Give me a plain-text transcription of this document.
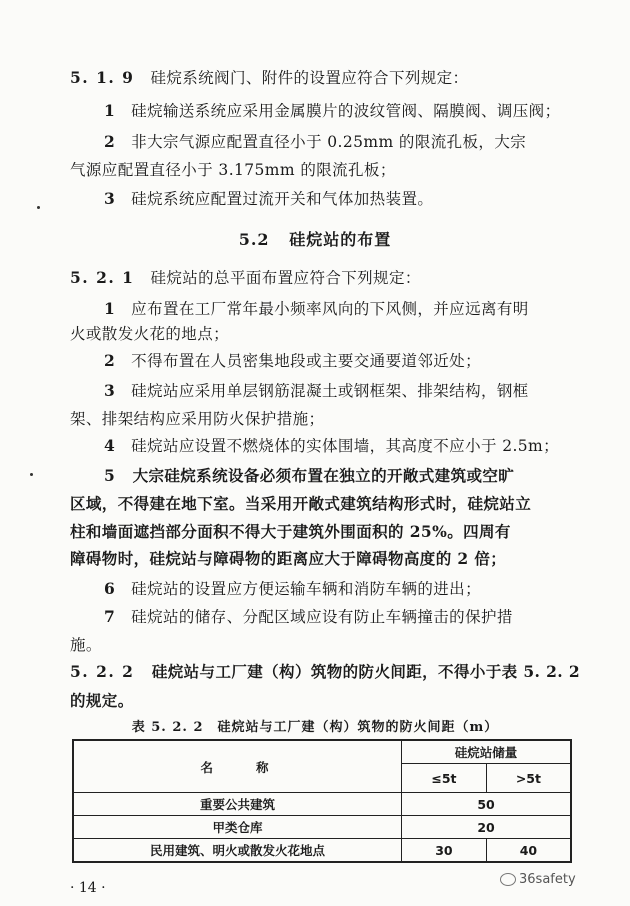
5. 1. 9 硅烷系统阀门、附件的设置应符合下列规定：
1 硅烷输送系统应采用金属膜片的波纹管阀、隔膜阀、调压阀；
2 非大宗气源应配置直径小于 0.25mm 的限流孔板，大宗
气源应配置直径小于 3.175mm 的限流孔板；
3 硅烷系统应配置过流开关和气体加热装置。
5.2 硅烷站的布置
5. 2. 1 硅烷站的总平面布置应符合下列规定：
1 应布置在工厂常年最小频率风向的下风侧，并应远离有明
火或散发火花的地点；
2 不得布置在人员密集地段或主要交通要道邻近处；
3 硅烷站应采用单层钢筋混凝土或钢框架、排架结构，钢框
架、排架结构应采用防火保护措施；
4 硅烷站应设置不燃烧体的实体围墙，其高度不应小于 2.5m；
5 大宗硅烷系统设备必须布置在独立的开敞式建筑或空旷
区域，不得建在地下室。当采用开敞式建筑结构形式时，硅烷站立
柱和墙面遮挡部分面积不得大于建筑外围面积的 25%。四周有
障碍物时，硅烷站与障碍物的距离应大于障碍物高度的 2 倍；
6 硅烷站的设置应方便运输车辆和消防车辆的进出；
7 硅烷站的储存、分配区域应设有防止车辆撞击的保护措
施。
5. 2. 2 硅烷站与工厂建（构）筑物的防火间距，不得小于表 5. 2. 2
的规定。
表 5. 2. 2　硅烷站与工厂建（构）筑物的防火间距（m）
名　　称	硅烷站储量	
	≤5t	>5t
重要公共建筑	50	
甲类仓库	20	
民用建筑、明火或散发火花地点	30	40
· 14 ·
36safety
